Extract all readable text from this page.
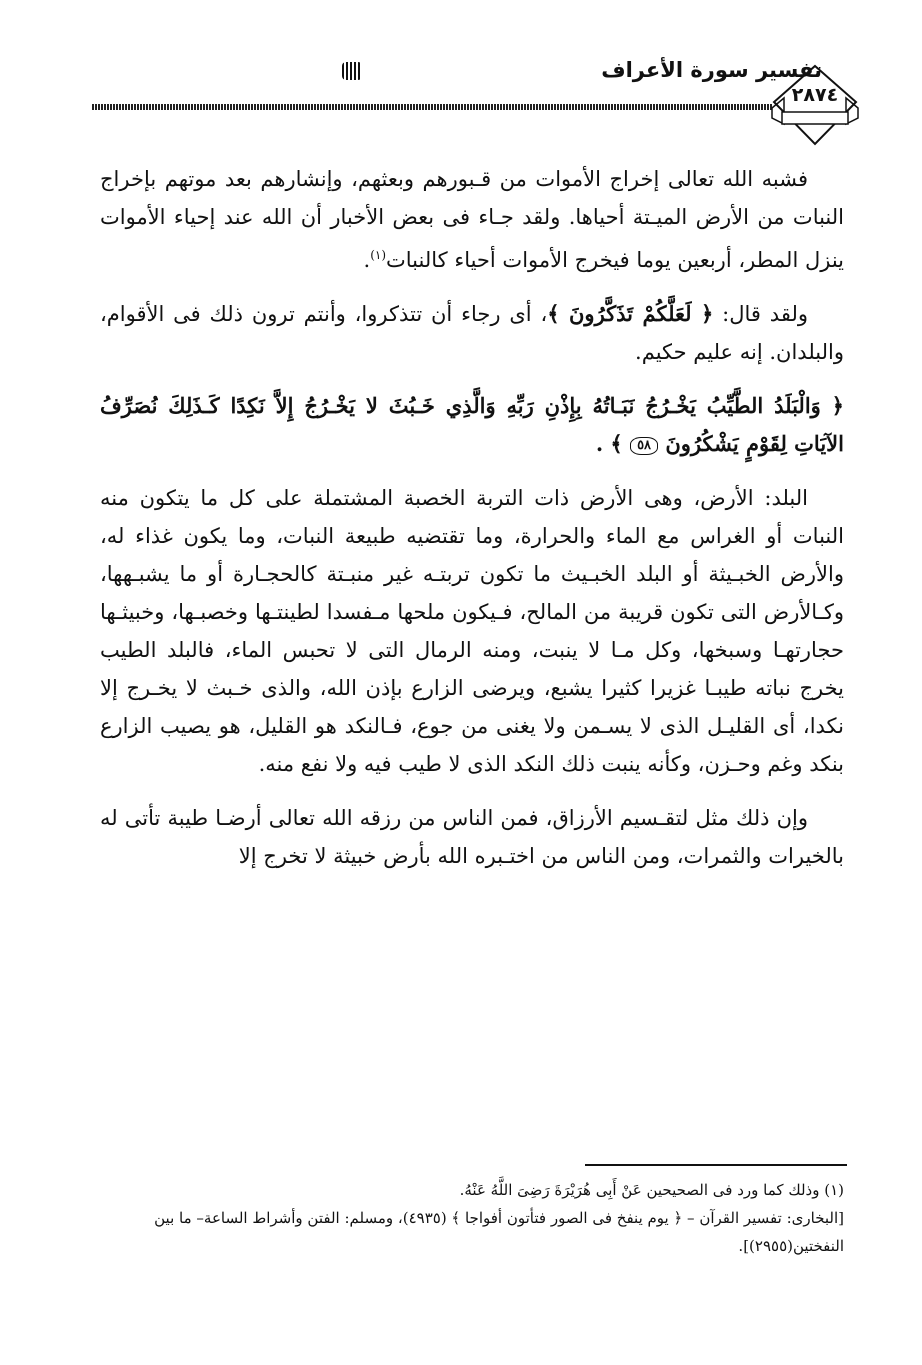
تفسير سورة الأعراف
٢٨٧٤

فشبه الله تعالى إخراج الأموات من قـبورهم وبعثهم، وإنشارهم بعد موتهم بإخراج النبات من الأرض الميـتة أحياها. ولقد جـاء فى بعض الأخبار أن الله عند إحياء الأموات ينزل المطر، أربعين يوما فيخرج الأموات أحياء كالنبات$^{(١)}$.

ولقد قال: ﴿ لَعَلَّكُمْ تَذَكَّرُونَ ﴾، أى رجاء أن تتذكروا، وأنتم ترون ذلك فى الأقوام، والبلدان. إنه عليم حكيم.

﴿ وَالْبَلَدُ الطَّيِّبُ يَخْـرُجُ نَبَـاتُهُ بِإِذْنِ رَبِّهِ وَالَّذِي خَـبُثَ لا يَخْـرُجُ إِلاَّ نَكِدًا كَـذَلِكَ نُصَرِّفُ الآيَاتِ لِقَوْمٍ يَشْكُرُونَ ٥٨ ﴾ .

البلد: الأرض، وهى الأرض ذات التربة الخصبة المشتملة على كل ما يتكون منه النبات أو الغراس مع الماء والحرارة، وما تقتضيه طبيعة النبات، وما يكون غذاء له، والأرض الخبـيثة أو البلد الخبـيث ما تكون تربتـه غير منبـتة كالحجـارة أو ما يشبـهها، وكـالأرض التى تكون قريبة من المالح، فـيكون ملحها مـفسدا لطينتـها وخصبـها، وخبيثـها حجارتهـا وسبخها، وكل مـا لا ينبت، ومنه الرمال التى لا تحبس الماء، فالبلد الطيب يخرج نباته طيبـا غزيرا كثيرا يشبع، ويرضى الزارع بإذن الله، والذى خـبث لا يخـرج إلا نكدا، أى القليـل الذى لا يسـمن ولا يغنى من جوع، فـالنكد هو القليل، هو يصيب الزارع بنكد وغم وحـزن، وكأنه ينبت ذلك النكد الذى لا طيب فيه ولا نفع منه.

وإن ذلك مثل لتقـسيم الأرزاق، فمن الناس من رزقه الله تعالى أرضـا طيبة تأتى له بالخيرات والثمرات، ومن الناس من اختـبره الله بأرض خبيثة لا تخرج إلا

(١) وذلك كما ورد فى الصحيحين عَنْ أَبِى هُرَيْرَةَ رَضِىَ اللَّهُ عَنْهُ.

[البخارى: تفسير القرآن – ﴿ يوم ينفخ فى الصور فتأتون أفواجا ﴾ (٤٩٣٥)، ومسلم: الفتن وأشراط الساعة– ما بين النفختين(٢٩٥٥)].
